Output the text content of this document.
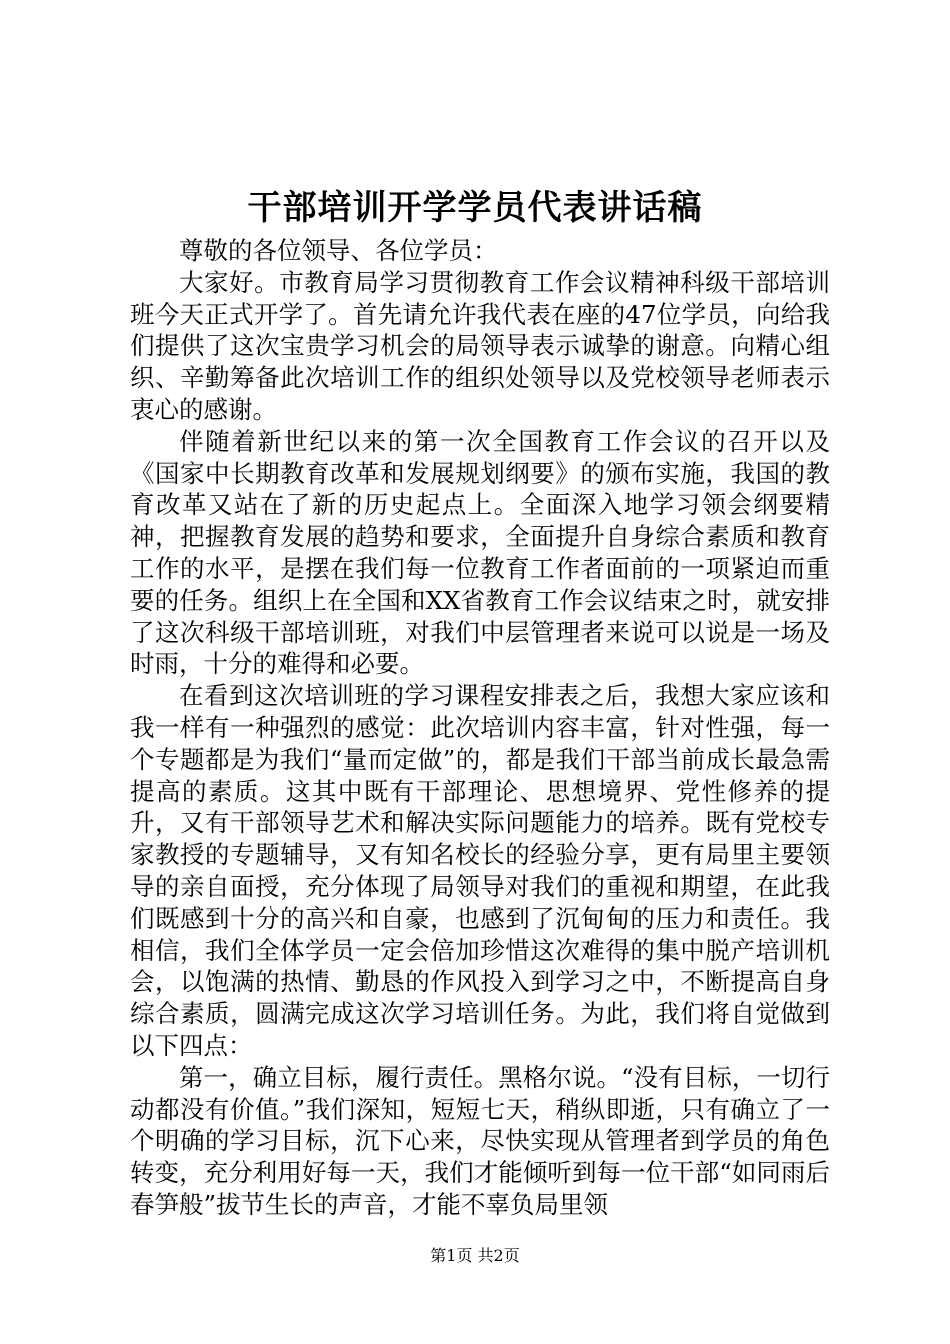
干部培训开学学员代表讲话稿

尊敬的各位领导、各位学员：

大家好。市教育局学习贯彻教育工作会议精神科级干部培训班今天正式开学了。首先请允许我代表在座的47位学员，向给我们提供了这次宝贵学习机会的局领导表示诚挚的谢意。向精心组织、辛勤筹备此次培训工作的组织处领导以及党校领导老师表示衷心的感谢。

伴随着新世纪以来的第一次全国教育工作会议的召开以及《国家中长期教育改革和发展规划纲要》的颁布实施，我国的教育改革又站在了新的历史起点上。全面深入地学习领会纲要精神，把握教育发展的趋势和要求，全面提升自身综合素质和教育工作的水平，是摆在我们每一位教育工作者面前的一项紧迫而重要的任务。组织上在全国和XX省教育工作会议结束之时，就安排了这次科级干部培训班，对我们中层管理者来说可以说是一场及时雨，十分的难得和必要。

在看到这次培训班的学习课程安排表之后，我想大家应该和我一样有一种强烈的感觉：此次培训内容丰富，针对性强，每一个专题都是为我们“量而定做”的，都是我们干部当前成长最急需提高的素质。这其中既有干部理论、思想境界、党性修养的提升，又有干部领导艺术和解决实际问题能力的培养。既有党校专家教授的专题辅导，又有知名校长的经验分享，更有局里主要领导的亲自面授，充分体现了局领导对我们的重视和期望，在此我们既感到十分的高兴和自豪，也感到了沉甸甸的压力和责任。我相信，我们全体学员一定会倍加珍惜这次难得的集中脱产培训机会，以饱满的热情、勤恳的作风投入到学习之中，不断提高自身综合素质，圆满完成这次学习培训任务。为此，我们将自觉做到以下四点：

第一，确立目标，履行责任。黑格尔说。“没有目标，一切行动都没有价值。”我们深知，短短七天，稍纵即逝，只有确立了一个明确的学习目标，沉下心来，尽快实现从管理者到学员的角色转变，充分利用好每一天，我们才能倾听到每一位干部“如同雨后春笋般”拔节生长的声音，才能不辜负局里领

第1页 共2页
